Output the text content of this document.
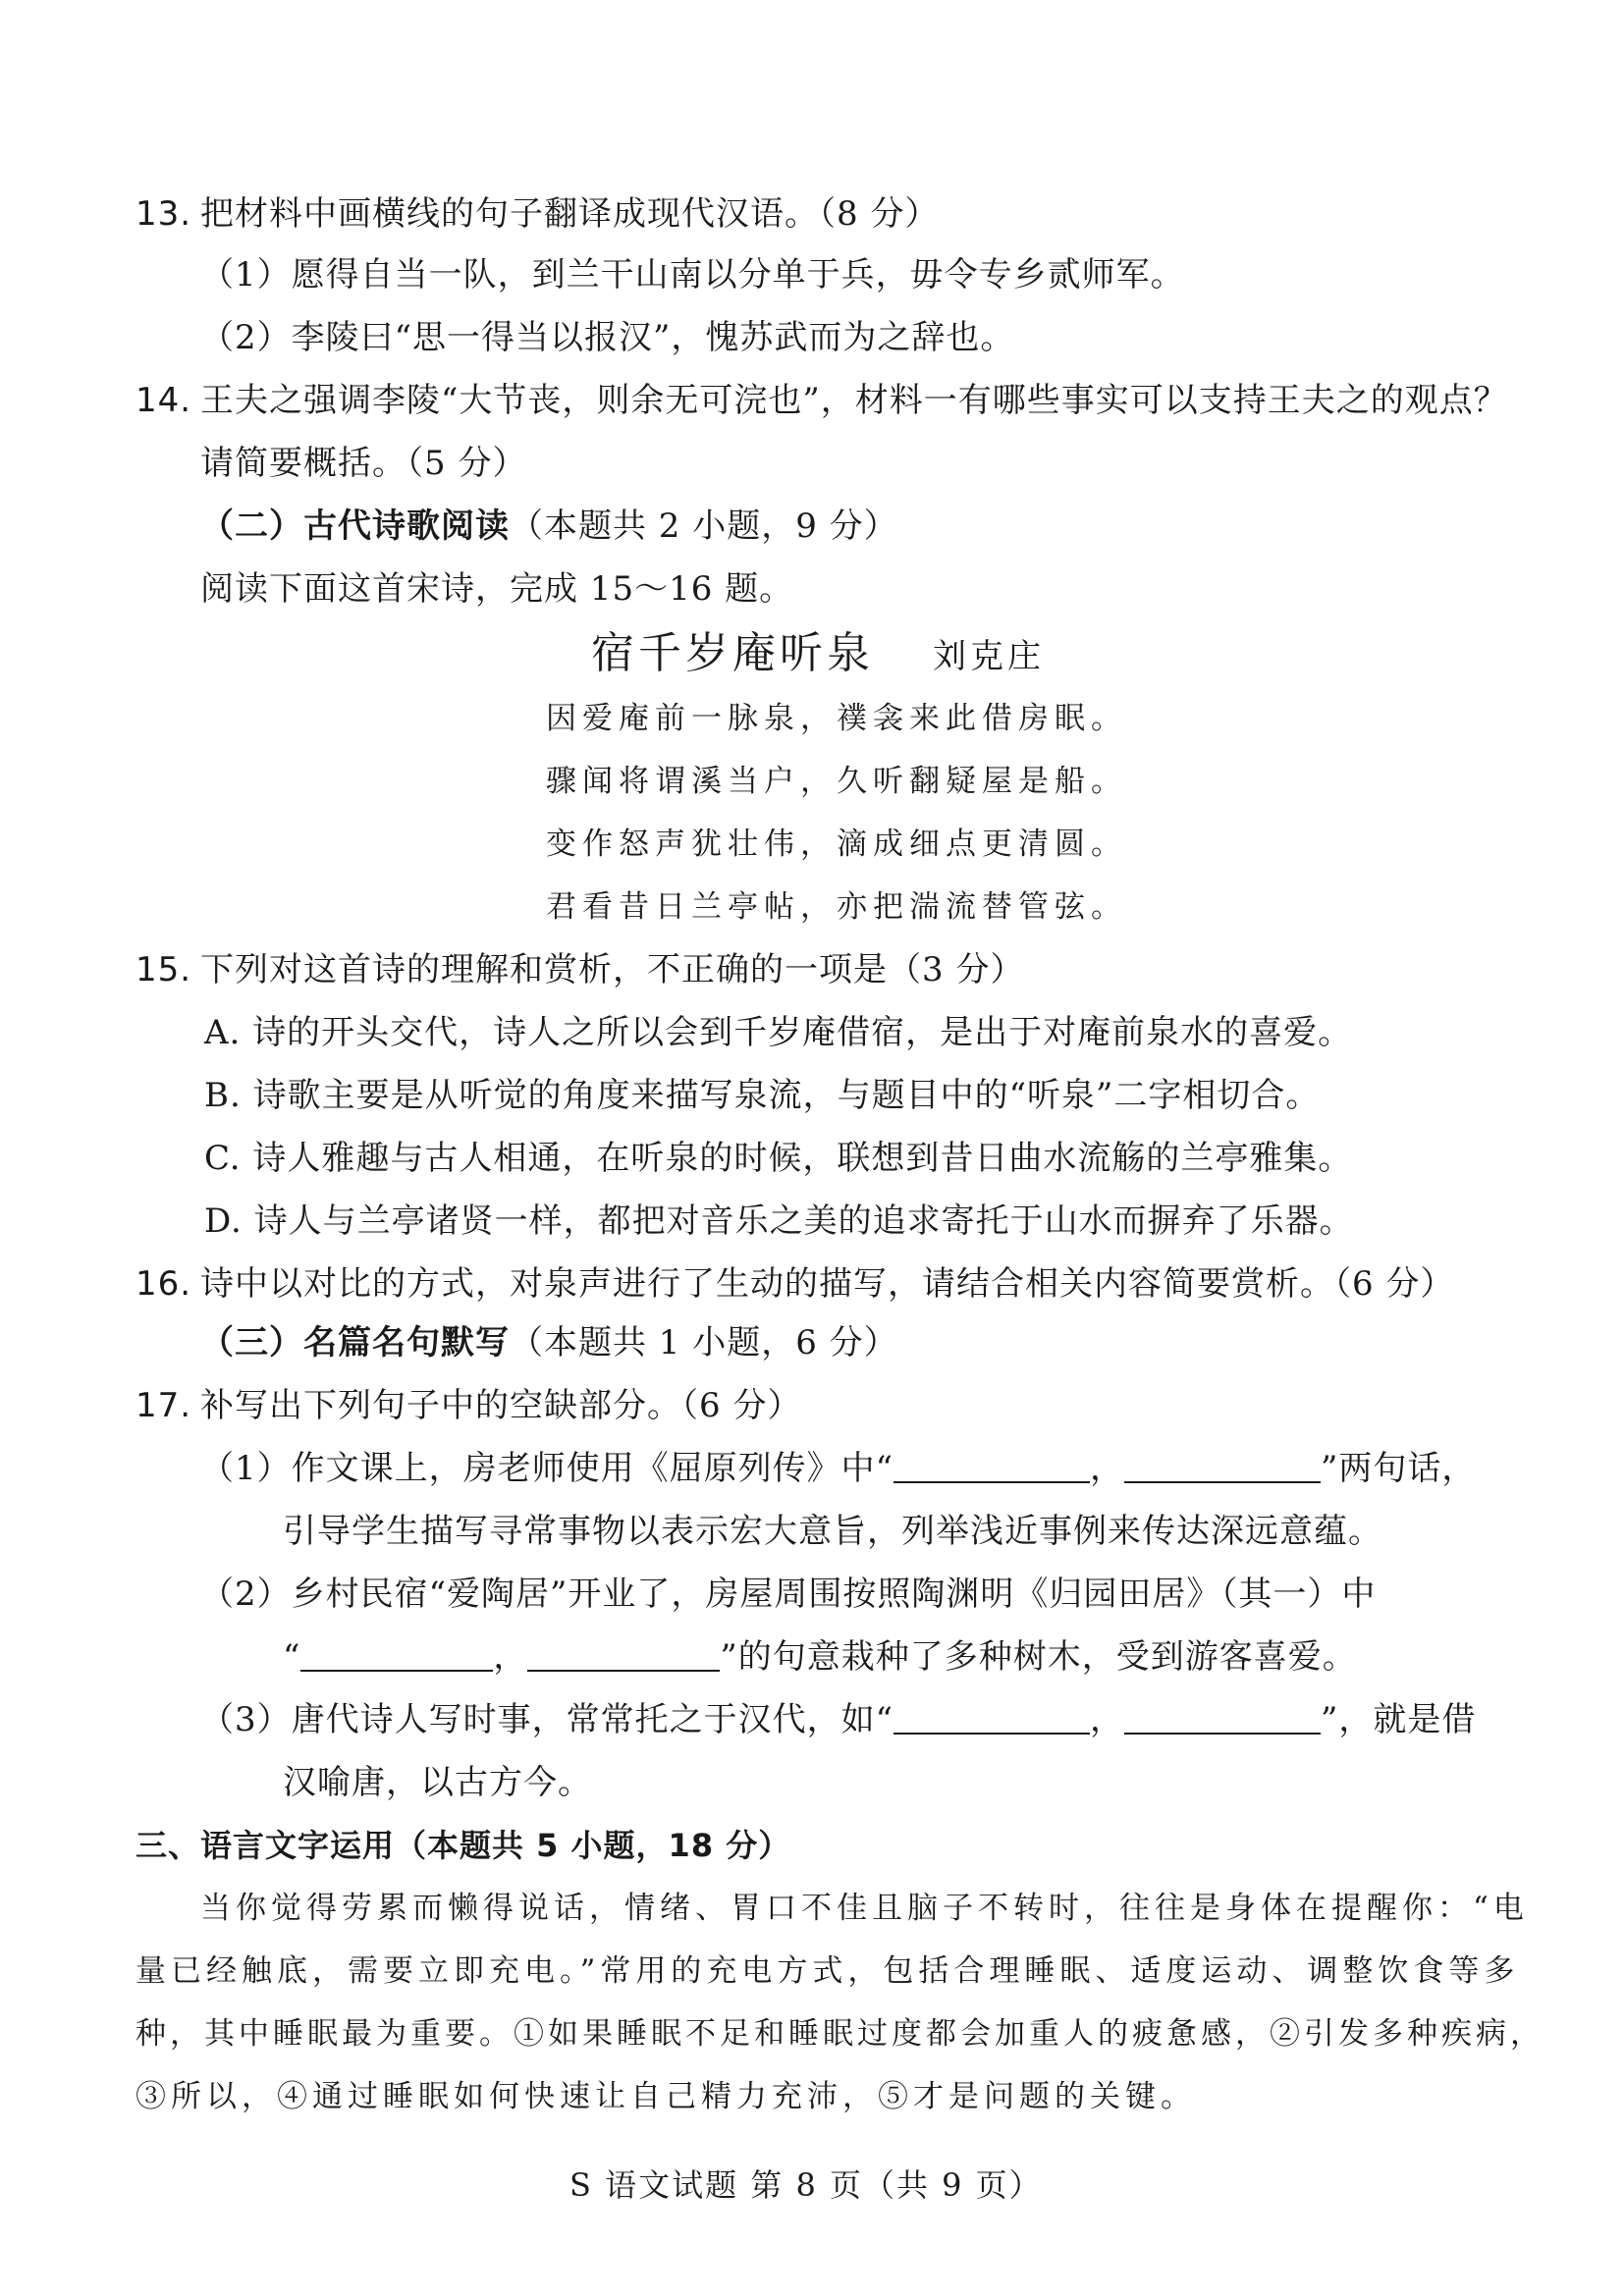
13. 把材料中画横线的句子翻译成现代汉语。（8 分）
（1）愿得自当一队，到兰干山南以分单于兵，毋令专乡贰师军。
（2）李陵曰“思一得当以报汉”，愧苏武而为之辞也。
14. 王夫之强调李陵“大节丧，则余无可浣也”，材料一有哪些事实可以支持王夫之的观点？
请简要概括。（5 分）
（二）古代诗歌阅读（本题共 2 小题，9 分）
阅读下面这首宋诗，完成 15～16 题。
宿千岁庵听泉 刘克庄
因爱庵前一脉泉，襆衾来此借房眠。
骤闻将谓溪当户，久听翻疑屋是船。
变作怒声犹壮伟，滴成细点更清圆。
君看昔日兰亭帖，亦把湍流替管弦。
15. 下列对这首诗的理解和赏析，不正确的一项是（3 分）
A. 诗的开头交代，诗人之所以会到千岁庵借宿，是出于对庵前泉水的喜爱。
B. 诗歌主要是从听觉的角度来描写泉流，与题目中的“听泉”二字相切合。
C. 诗人雅趣与古人相通，在听泉的时候，联想到昔日曲水流觞的兰亭雅集。
D. 诗人与兰亭诸贤一样，都把对音乐之美的追求寄托于山水而摒弃了乐器。
16. 诗中以对比的方式，对泉声进行了生动的描写，请结合相关内容简要赏析。（6 分）
（三）名篇名句默写（本题共 1 小题，6 分）
17. 补写出下列句子中的空缺部分。（6 分）
（1）作文课上，房老师使用《屈原列传》中“	，	”两句话，
引导学生描写寻常事物以表示宏大意旨，列举浅近事例来传达深远意蕴。
（2）乡村民宿“爱陶居”开业了，房屋周围按照陶渊明《归园田居》（其一）中
“	，	”的句意栽种了多种树木，受到游客喜爱。
（3）唐代诗人写时事，常常托之于汉代，如“	，	”，就是借
汉喻唐，以古方今。
三、语言文字运用（本题共 5 小题，18 分）
当你觉得劳累而懒得说话，情绪、胃口不佳且脑子不转时，往往是身体在提醒你：“电
量已经触底，需要立即充电。”常用的充电方式，包括合理睡眠、适度运动、调整饮食等多
种，其中睡眠最为重要。①如果睡眠不足和睡眠过度都会加重人的疲惫感，②引发多种疾病，
③所以，④通过睡眠如何快速让自己精力充沛，⑤才是问题的关键。
S 语文试题 第 8 页（共 9 页）
